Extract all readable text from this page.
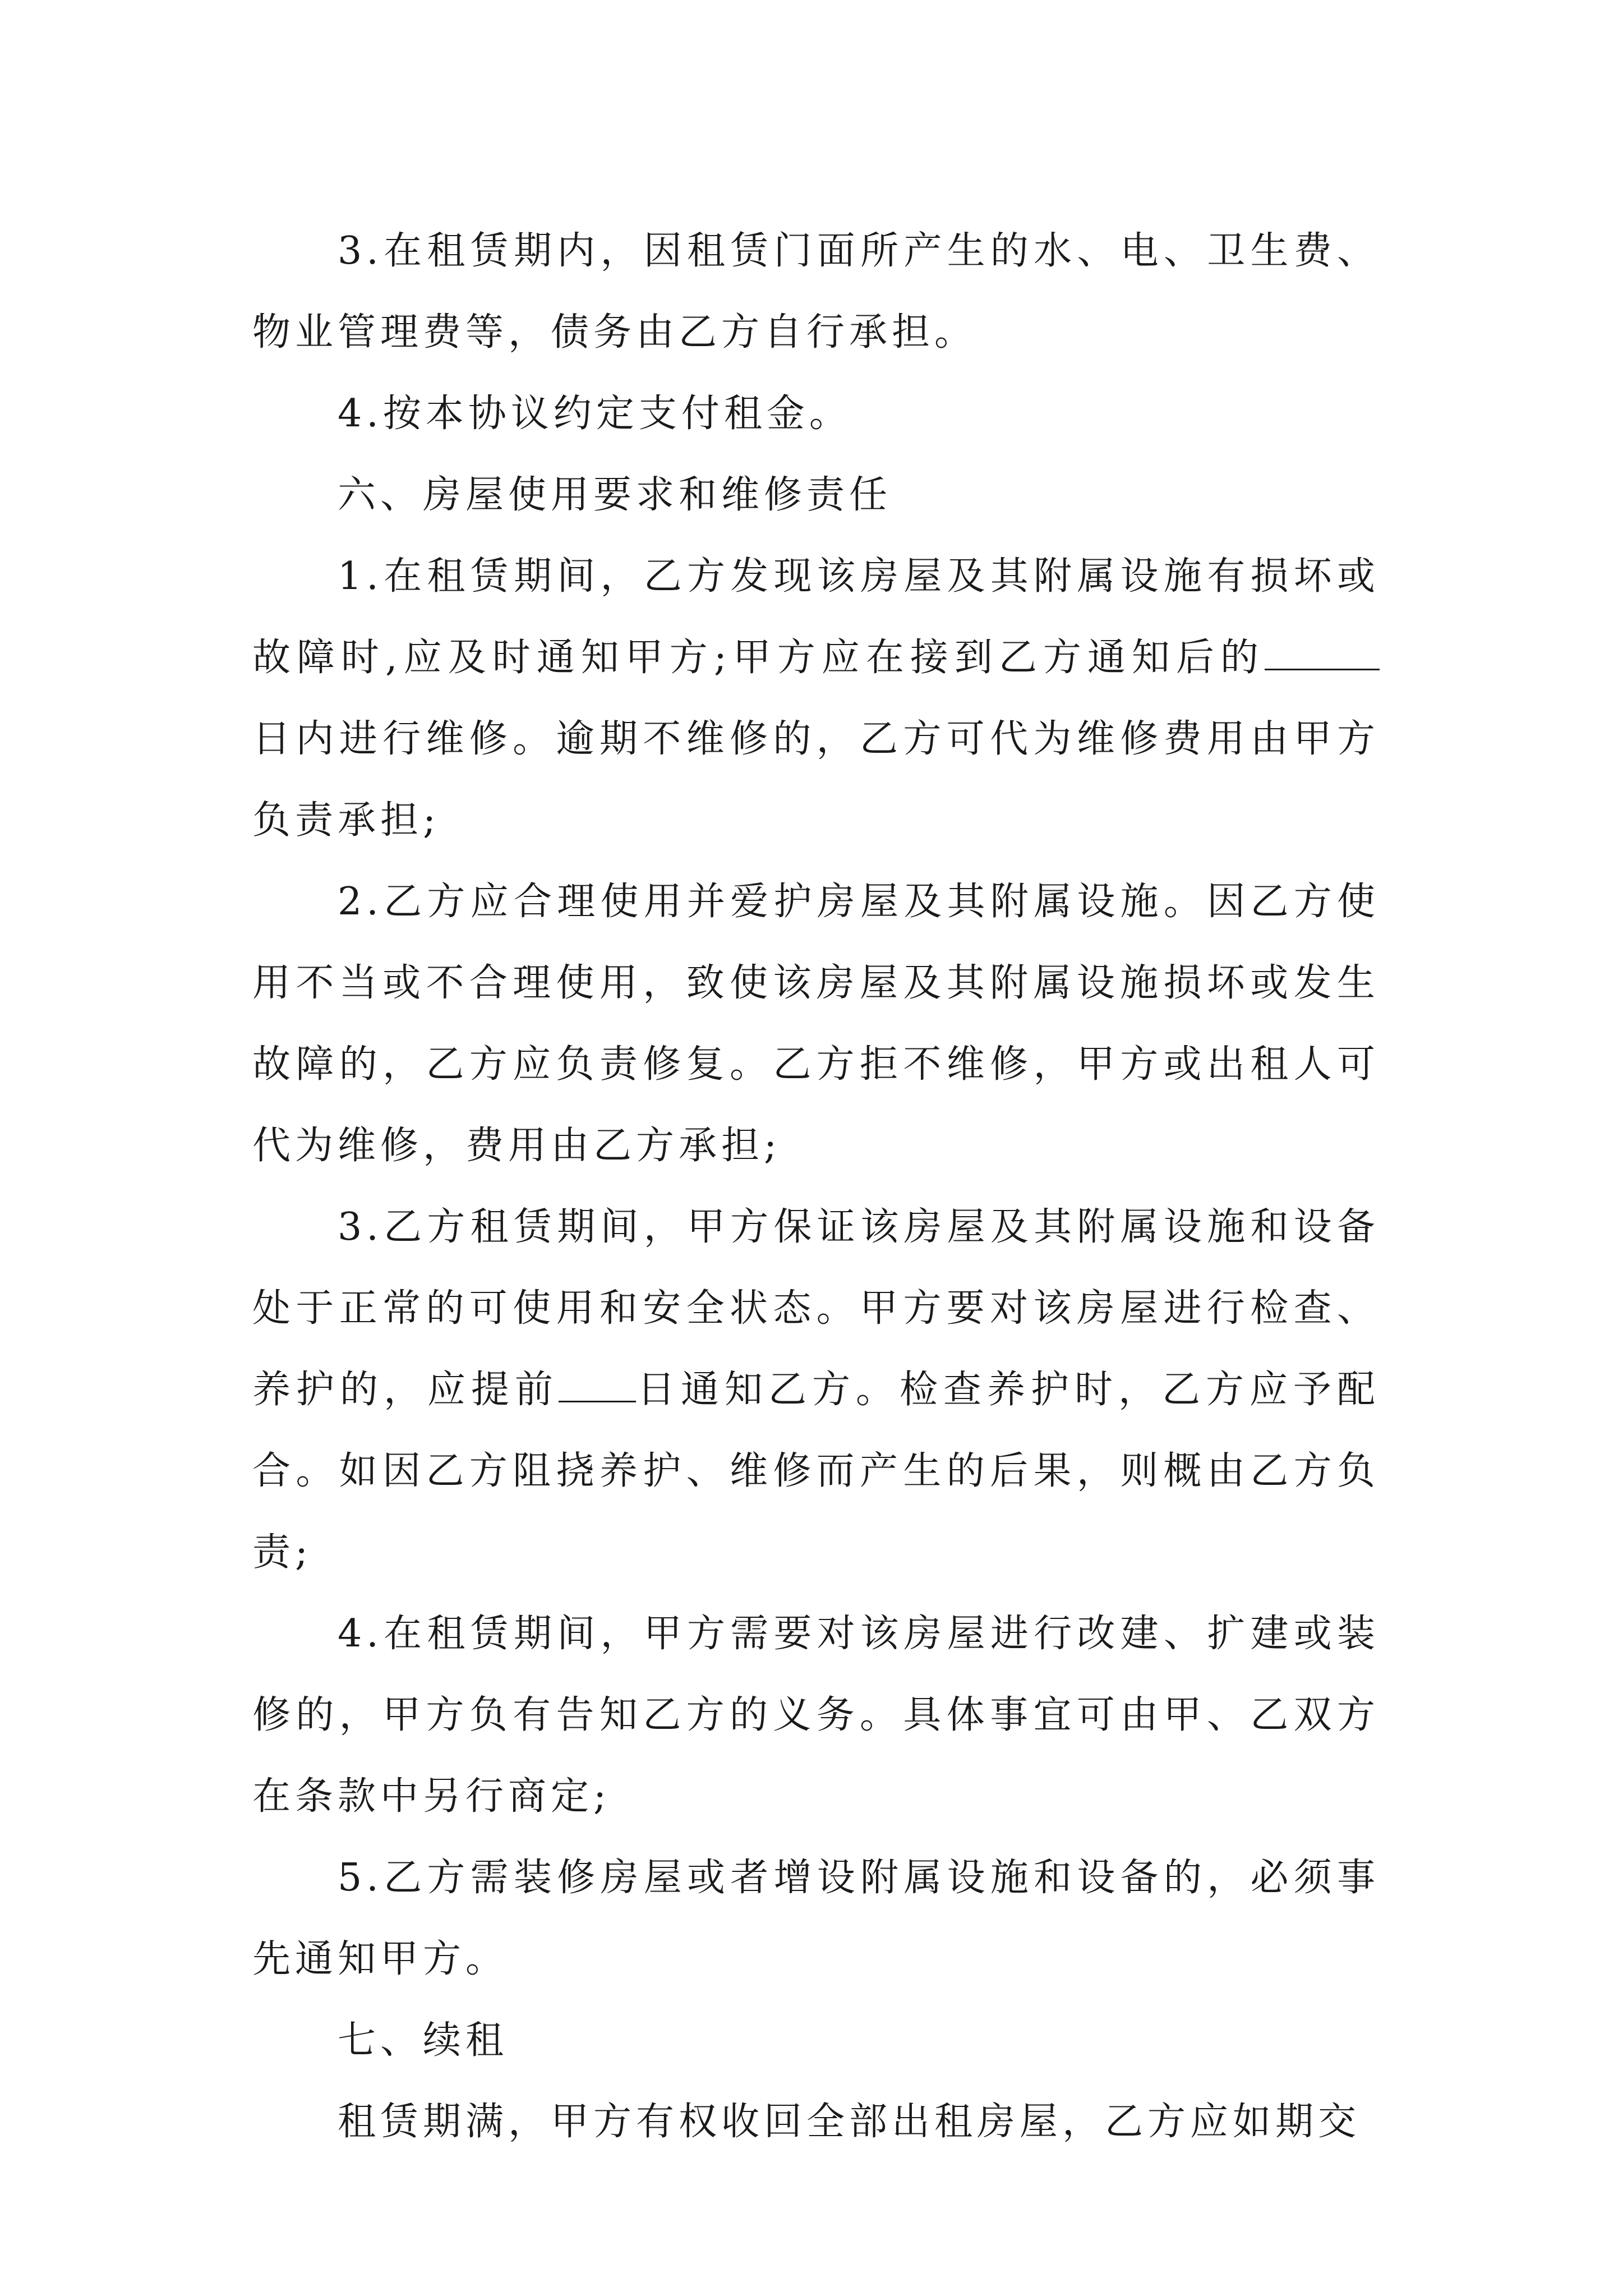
3.在租赁期内，因租赁门面所产生的水、电、卫生费、物业管理费等，债务由乙方自行承担。

4.按本协议约定支付租金。

六、房屋使用要求和维修责任

1.在租赁期间，乙方发现该房屋及其附属设施有损坏或故障时,应及时通知甲方;甲方应在接到乙方通知后的日内进行维修。逾期不维修的，乙方可代为维修费用由甲方负责承担;

2.乙方应合理使用并爱护房屋及其附属设施。因乙方使用不当或不合理使用，致使该房屋及其附属设施损坏或发生故障的，乙方应负责修复。乙方拒不维修，甲方或出租人可代为维修，费用由乙方承担;

3.乙方租赁期间，甲方保证该房屋及其附属设施和设备处于正常的可使用和安全状态。甲方要对该房屋进行检查、养护的，应提前 日通知乙方。检查养护时，乙方应予配合。如因乙方阻挠养护、维修而产生的后果，则概由乙方负责;

4.在租赁期间，甲方需要对该房屋进行改建、扩建或装修的，甲方负有告知乙方的义务。具体事宜可由甲、乙双方在条款中另行商定;

5.乙方需装修房屋或者增设附属设施和设备的，必须事先通知甲方。

七、续租

租赁期满，甲方有权收回全部出租房屋，乙方应如期交
